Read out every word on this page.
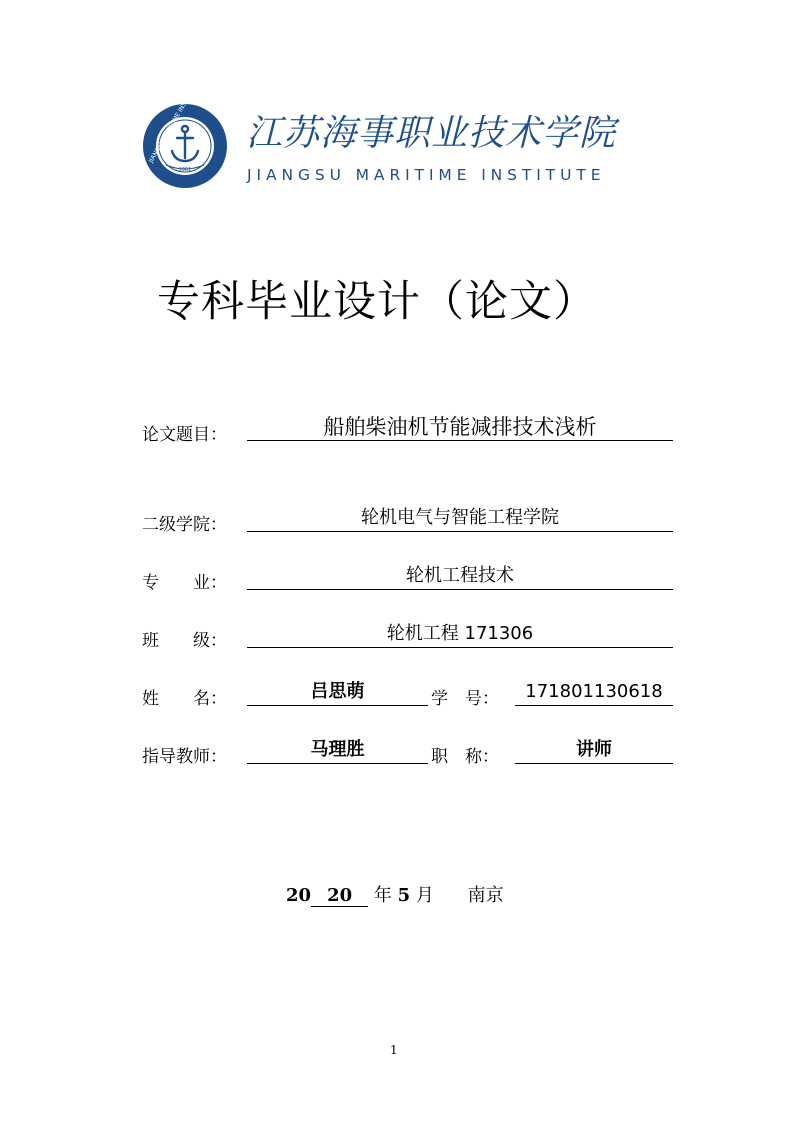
1951
JIANGSU MARITIME	江苏海事职业技术学院
JIANGSU MARITIME INSTITUTE
专科毕业设计（论文）
论文题目：	船舶柴油机节能减排技术浅析
二级学院：	轮机电气与智能工程学院
专　　业：	轮机工程技术
班　　级：	轮机工程 171306
姓　　名：	吕思萌	学　号：	171801130618
指导教师：	马理胜	职　称：	讲师
20 20 年 5 月 南京
1
